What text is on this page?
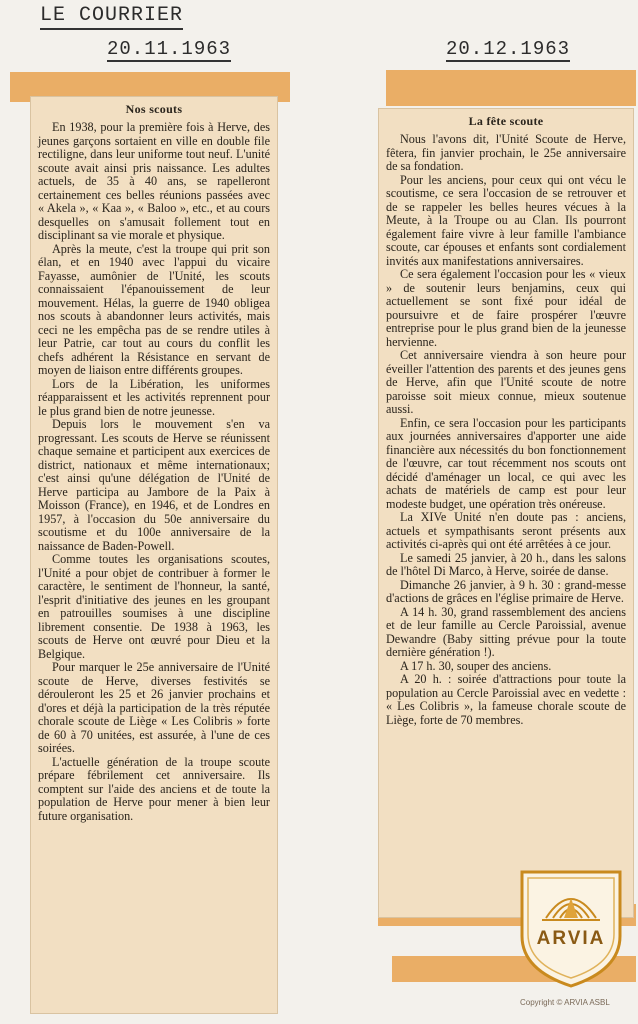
LE COURRIER
20.11.1963	20.12.1963
Nos scouts

En 1938, pour la première fois à Herve, des jeunes garçons sortaient en ville en double file rectiligne, dans leur uniforme tout neuf. L'unité scoute avait ainsi pris naissance. Les adultes actuels, de 35 à 40 ans, se rapelleront certainement ces belles réunions passées avec « Akela », « Kaa », « Baloo », etc., et au cours desquelles on s'amusait follement tout en disciplinant sa vie morale et physique.

Après la meute, c'est la troupe qui prit son élan, et en 1940 avec l'appui du vicaire Fayasse, aumônier de l'Unité, les scouts connaissaient l'épanouissement de leur mouvement. Hélas, la guerre de 1940 obligea nos scouts à abandonner leurs activités, mais ceci ne les empêcha pas de se rendre utiles à leur Patrie, car tout au cours du conflit les chefs adhérent la Résistance en servant de moyen de liaison entre différents groupes.

Lors de la Libération, les uniformes réapparaissent et les activités reprennent pour le plus grand bien de notre jeunesse.

Depuis lors le mouvement s'en va progressant. Les scouts de Herve se réunissent chaque semaine et participent aux exercices de district, nationaux et même internationaux; c'est ainsi qu'une délégation de l'Unité de Herve participa au Jambore de la Paix à Moisson (France), en 1946, et de Londres en 1957, à l'occasion du 50e anniversaire du scoutisme et du 100e anniversaire de la naissance de Baden-Powell.

Comme toutes les organisations scoutes, l'Unité a pour objet de contribuer à former le caractère, le sentiment de l'honneur, la santé, l'esprit d'initiative des jeunes en les groupant en patrouilles soumises à une discipline librement consentie. De 1938 à 1963, les scouts de Herve ont œuvré pour Dieu et la Belgique.

Pour marquer le 25e anniversaire de l'Unité scoute de Herve, diverses festivités se dérouleront les 25 et 26 janvier prochains et d'ores et déjà la participation de la très réputée chorale scoute de Liège « Les Colibris » forte de 60 à 70 unitées, est assurée, à l'une de ces soirées.

L'actuelle génération de la troupe scoute prépare fébrilement cet anniversaire. Ils comptent sur l'aide des anciens et de toute la population de Herve pour mener à bien leur future organisation.

La fête scoute

Nous l'avons dit, l'Unité Scoute de Herve, fêtera, fin janvier prochain, le 25e anniversaire de sa fondation.

Pour les anciens, pour ceux qui ont vécu le scoutisme, ce sera l'occasion de se retrouver et de se rappeler les belles heures vécues à la Meute, à la Troupe ou au Clan. Ils pourront également faire vivre à leur famille l'ambiance scoute, car épouses et enfants sont cordialement invités aux manifestations anniversaires.

Ce sera également l'occasion pour les « vieux » de soutenir leurs benjamins, ceux qui actuellement se sont fixé pour idéal de poursuivre et de faire prospérer l'œuvre entreprise pour le plus grand bien de la jeunesse hervienne.

Cet anniversaire viendra à son heure pour éveiller l'attention des parents et des jeunes gens de Herve, afin que l'Unité scoute de notre paroisse soit mieux connue, mieux soutenue aussi.

Enfin, ce sera l'occasion pour les participants aux journées anniversaires d'apporter une aide financière aux nécessités du bon fonctionnement de l'œuvre, car tout récemment nos scouts ont décidé d'aménager un local, ce qui avec les achats de matériels de camp est pour leur modeste budget, une opération très onéreuse.

La XIVe Unité n'en doute pas : anciens, actuels et sympathisants seront présents aux activités ci-après qui ont été arrêtées à ce jour.

Le samedi 25 janvier, à 20 h., dans les salons de l'hôtel Di Marco, à Herve, soirée de danse.

Dimanche 26 janvier, à 9 h. 30 : grand-messe d'actions de grâces en l'église primaire de Herve.

A 14 h. 30, grand rassemblement des anciens et de leur famille au Cercle Paroissial, avenue Dewandre (Baby sitting prévue pour la toute dernière génération !).

A 17 h. 30, souper des anciens.

A 20 h. : soirée d'attractions pour toute la population au Cercle Paroissial avec en vedette : « Les Colibris », la fameuse chorale scoute de Liège, forte de 70 membres.

ARVIA
Copyright © ARVIA ASBL
